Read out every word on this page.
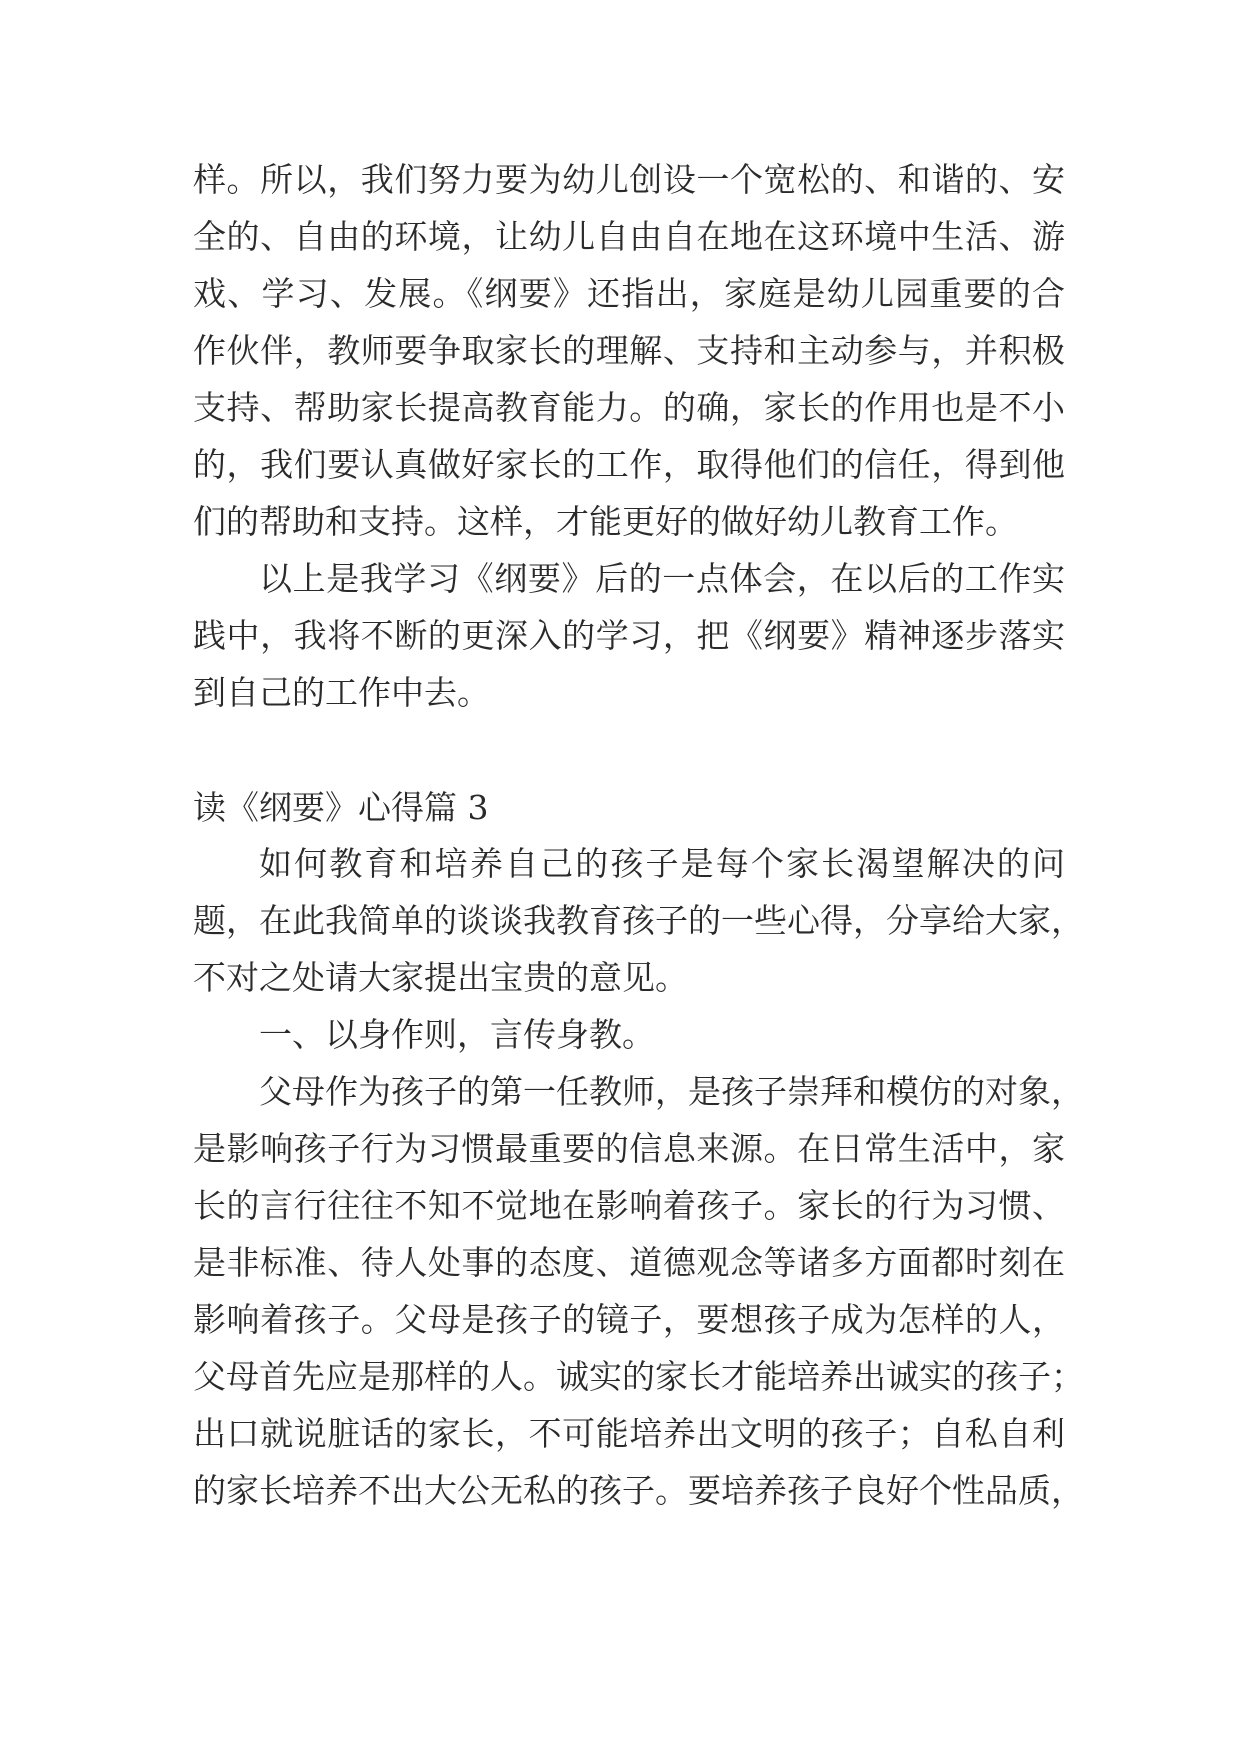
样。所以，我们努力要为幼儿创设一个宽松的、和谐的、安
全的、自由的环境，让幼儿自由自在地在这环境中生活、游
戏、学习、发展。《纲要》还指出，家庭是幼儿园重要的合
作伙伴，教师要争取家长的理解、支持和主动参与，并积极
支持、帮助家长提高教育能力。的确，家长的作用也是不小
的，我们要认真做好家长的工作，取得他们的信任，得到他
们的帮助和支持。这样，才能更好的做好幼儿教育工作。
以上是我学习《纲要》后的一点体会，在以后的工作实
践中，我将不断的更深入的学习，把《纲要》精神逐步落实
到自己的工作中去。
读《纲要》心得篇 3
如何教育和培养自己的孩子是每个家长渴望解决的问
题，在此我简单的谈谈我教育孩子的一些心得，分享给大家，
不对之处请大家提出宝贵的意见。
一、以身作则，言传身教。
父母作为孩子的第一任教师，是孩子崇拜和模仿的对象，
是影响孩子行为习惯最重要的信息来源。在日常生活中，家
长的言行往往不知不觉地在影响着孩子。家长的行为习惯、
是非标准、待人处事的态度、道德观念等诸多方面都时刻在
影响着孩子。父母是孩子的镜子，要想孩子成为怎样的人，
父母首先应是那样的人。诚实的家长才能培养出诚实的孩子；
出口就说脏话的家长，不可能培养出文明的孩子；自私自利
的家长培养不出大公无私的孩子。要培养孩子良好个性品质，
